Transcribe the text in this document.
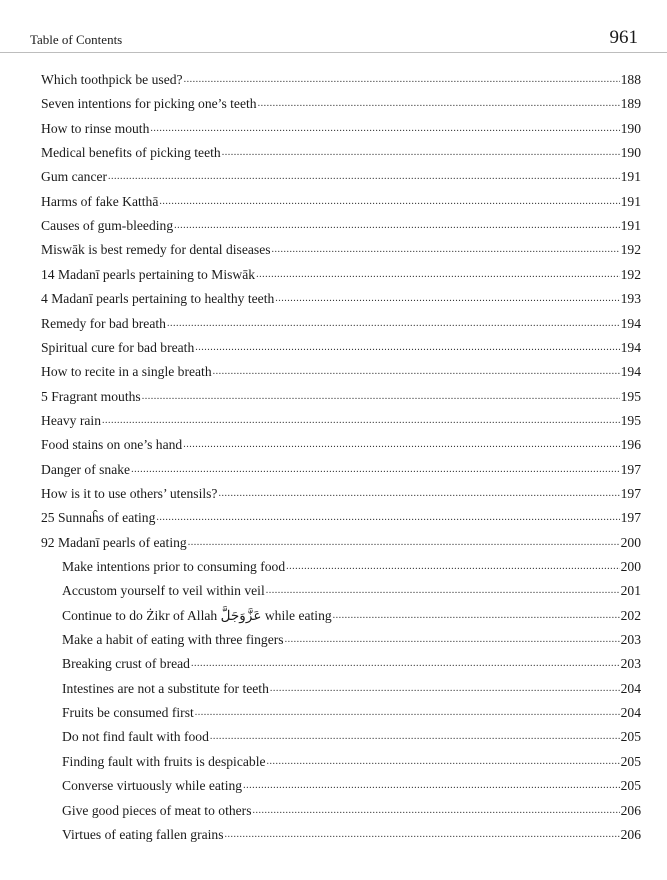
Table of Contents	961
Which toothpick be used? .....	188
Seven intentions for picking one’s teeth .....	189
How to rinse mouth .....	190
Medical benefits of picking teeth .....	190
Gum cancer .....	191
Harms of fake Katthā .....	191
Causes of gum-bleeding .....	191
Miswāk is best remedy for dental diseases .....	192
14 Madanī pearls pertaining to Miswāk .....	192
4 Madanī pearls pertaining to healthy teeth .....	193
Remedy for bad breath .....	194
Spiritual cure for bad breath .....	194
How to recite in a single breath .....	194
5 Fragrant mouths .....	195
Heavy rain .....	195
Food stains on one’s hand .....	196
Danger of snake .....	197
How is it to use others’ utensils? .....	197
25 Sunnaĥs of eating .....	197
92 Madanī pearls of eating .....	200
Make intentions prior to consuming food .....	200
Accustom yourself to veil within veil .....	201
Continue to do Żikr of Allah عَزَّوَجَلَّ while eating .....	202
Make a habit of eating with three fingers .....	203
Breaking crust of bread .....	203
Intestines are not a substitute for teeth .....	204
Fruits be consumed first .....	204
Do not find fault with food .....	205
Finding fault with fruits is despicable .....	205
Converse virtuously while eating .....	205
Give good pieces of meat to others .....	206
Virtues of eating fallen grains .....	206
